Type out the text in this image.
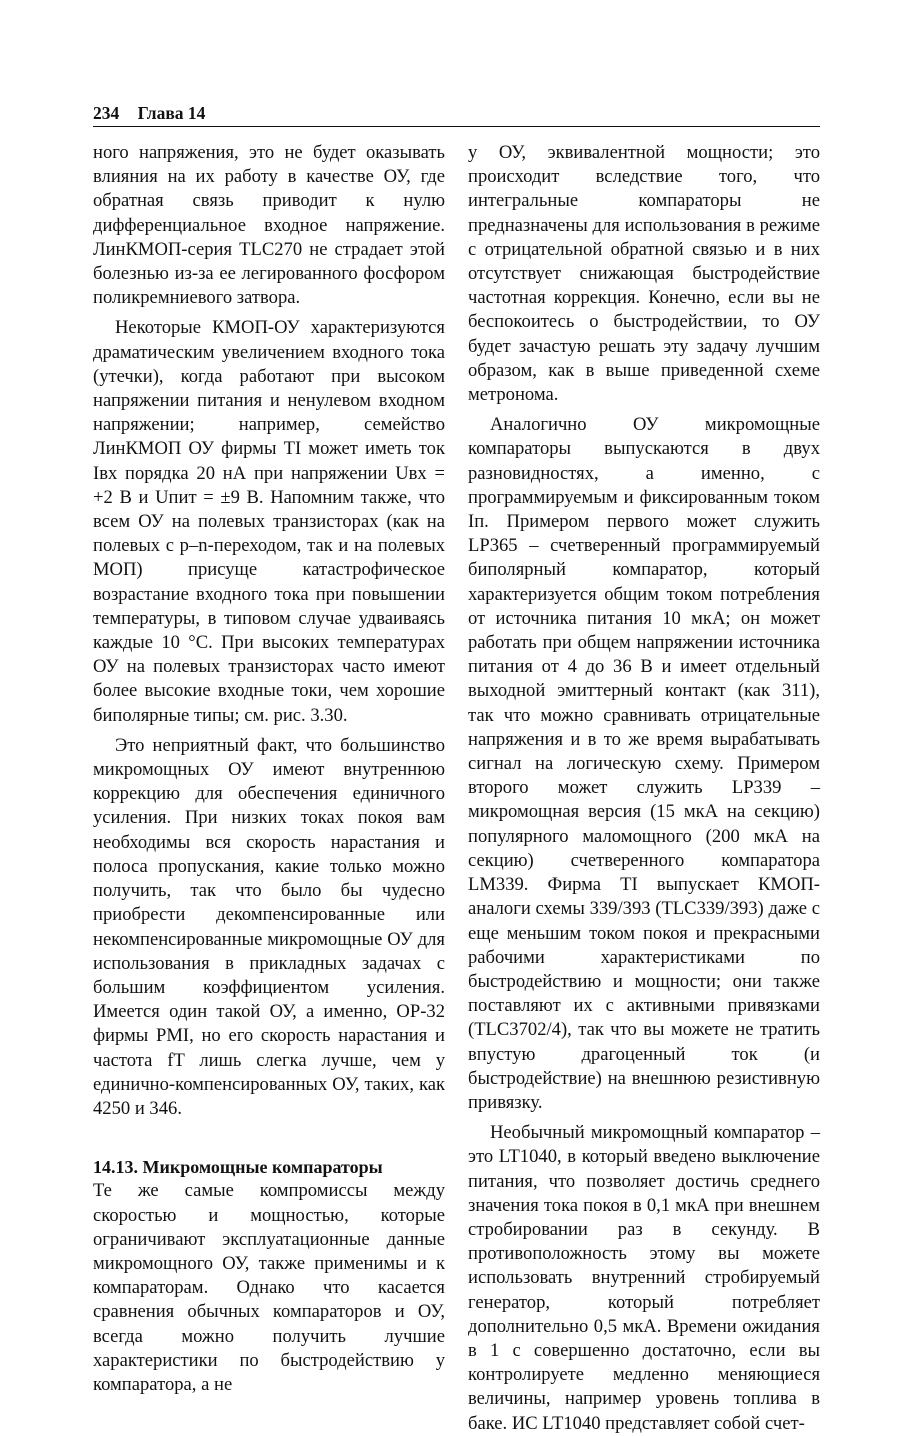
234 Глава 14

ного напряжения, это не будет оказывать влияния на их работу в качестве ОУ, где обратная связь приводит к нулю дифференциальное входное напряжение. ЛинКМОП-серия TLC270 не страдает этой болезнью из-за ее легированного фосфором поликремниевого затвора.

Некоторые КМОП-ОУ характеризуются драматическим увеличением входного тока (утечки), когда работают при высоком напряжении питания и ненулевом входном напряжении; например, семейство ЛинКМОП ОУ фирмы TI может иметь ток Iвх порядка 20 нА при напряжении Uвх = +2 В и Uпит = ±9 В. Напомним также, что всем ОУ на полевых транзисторах (как на полевых с p–n-переходом, так и на полевых МОП) присуще катастрофическое возрастание входного тока при повышении температуры, в типовом случае удваиваясь каждые 10 °С. При высоких температурах ОУ на полевых транзисторах часто имеют более высокие входные токи, чем хорошие биполярные типы; см. рис. 3.30.

Это неприятный факт, что большинство микромощных ОУ имеют внутреннюю коррекцию для обеспечения единичного усиления. При низких токах покоя вам необходимы вся скорость нарастания и полоса пропускания, какие только можно получить, так что было бы чудесно приобрести декомпенсированные или некомпенсированные микромощные ОУ для использования в прикладных задачах с большим коэффициентом усиления. Имеется один такой ОУ, а именно, OP-32 фирмы PMI, но его скорость нарастания и частота fT лишь слегка лучше, чем у единично-компенсированных ОУ, таких, как 4250 и 346.

14.13. Микромощные компараторы

Те же самые компромиссы между скоростью и мощностью, которые ограничивают эксплуатационные данные микромощного ОУ, также применимы и к компараторам. Однако что касается сравнения обычных компараторов и ОУ, всегда можно получить лучшие характеристики по быстродействию у компаратора, а не

у ОУ, эквивалентной мощности; это происходит вследствие того, что интегральные компараторы не предназначены для использования в режиме с отрицательной обратной связью и в них отсутствует снижающая быстродействие частотная коррекция. Конечно, если вы не беспокоитесь о быстродействии, то ОУ будет зачастую решать эту задачу лучшим образом, как в выше приведенной схеме метронома.

Аналогично ОУ микромощные компараторы выпускаются в двух разновидностях, а именно, с программируемым и фиксированным током Iп. Примером первого может служить LP365 – счетверенный программируемый биполярный компаратор, который характеризуется общим током потребления от источника питания 10 мкА; он может работать при общем напряжении источника питания от 4 до 36 В и имеет отдельный выходной эмиттерный контакт (как 311), так что можно сравнивать отрицательные напряжения и в то же время вырабатывать сигнал на логическую схему. Примером второго может служить LP339 – микромощная версия (15 мкА на секцию) популярного маломощного (200 мкА на секцию) счетверенного компаратора LM339. Фирма TI выпускает КМОП-аналоги схемы 339/393 (TLC339/393) даже с еще меньшим током покоя и прекрасными рабочими характеристиками по быстродействию и мощности; они также поставляют их с активными привязками (TLC3702/4), так что вы можете не тратить впустую драгоценный ток (и быстродействие) на внешнюю резистивную привязку.

Необычный микромощный компаратор – это LT1040, в который введено выключение питания, что позволяет достичь среднего значения тока покоя в 0,1 мкА при внешнем стробировании раз в секунду. В противоположность этому вы можете использовать внутренний стробируемый генератор, который потребляет дополнительно 0,5 мкА. Времени ожидания в 1 с совершенно достаточно, если вы контролируете медленно меняющиеся величины, например уровень топлива в баке. ИС LT1040 представляет собой счет-
